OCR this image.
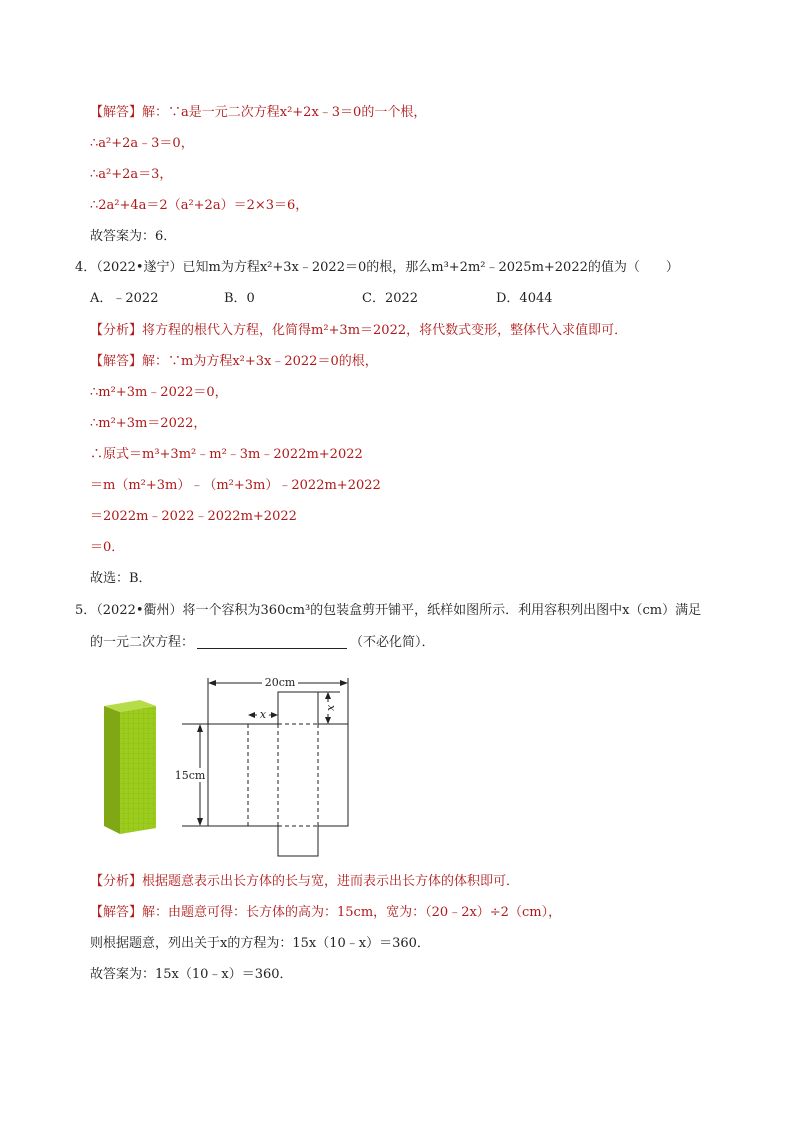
【解答】解：∵a是一元二次方程x²+2x﹣3＝0的一个根，
∴a²+2a﹣3＝0，
∴a²+2a＝3，
∴2a²+4a＝2（a²+2a）＝2×3＝6，
故答案为：6．
4．（2022•遂宁）已知m为方程x²+3x﹣2022＝0的根，那么m³+2m²﹣2025m+2022的值为（　　）
A．﹣2022	B．0	C．2022	D．4044
【分析】将方程的根代入方程，化简得m²+3m＝2022，将代数式变形，整体代入求值即可．
【解答】解：∵m为方程x²+3x﹣2022＝0的根，
∴m²+3m﹣2022＝0，
∴m²+3m＝2022，
∴原式＝m³+3m²﹣m²﹣3m﹣2022m+2022
＝m（m²+3m）﹣（m²+3m）﹣2022m+2022
＝2022m﹣2022﹣2022m+2022
＝0．
故选：B．
5．（2022•衢州）将一个容积为360cm³的包装盒剪开铺平，纸样如图所示．利用容积列出图中x（cm）满足
的一元二次方程：	（不必化简）．
20cm
15cm
x	x
【分析】根据题意表示出长方体的长与宽，进而表示出长方体的体积即可．
【解答】解：由题意可得：长方体的高为：15cm，宽为：（20﹣2x）÷2（cm），
则根据题意，列出关于x的方程为：15x（10﹣x）＝360．
故答案为：15x（10﹣x）＝360．
